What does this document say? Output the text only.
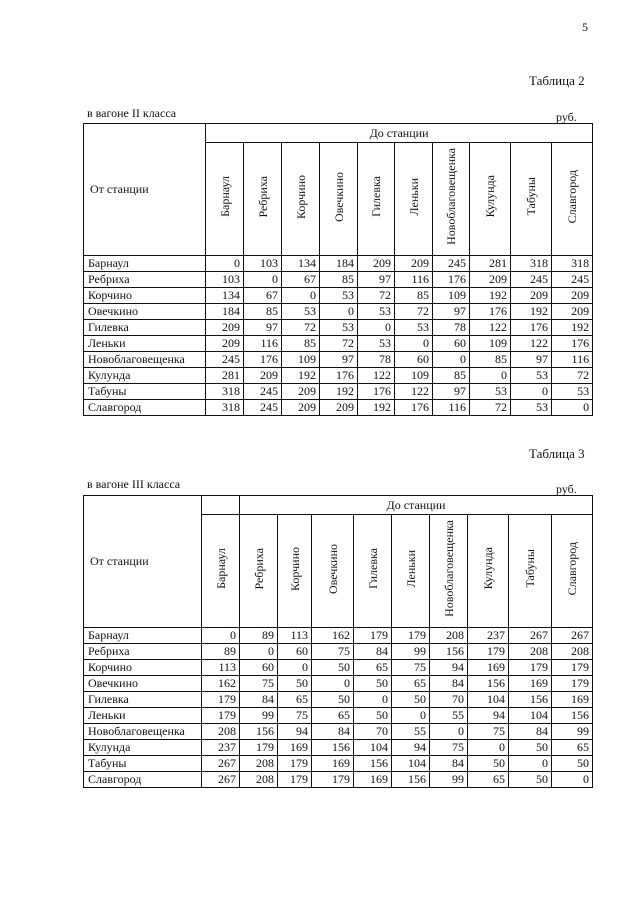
5
Таблица 2
в вагоне II класса	руб.
От станции	До станции									
	Барнаул	Ребриха	Корчино	Овечкино	Гилевка	Леньки	Новоблаговещенка	Кулунда	Табуны	Славгород
Барнаул	0	103	134	184	209	209	245	281	318	318
Ребриха	103	0	67	85	97	116	176	209	245	245
Корчино	134	67	0	53	72	85	109	192	209	209
Овечкино	184	85	53	0	53	72	97	176	192	209
Гилевка	209	97	72	53	0	53	78	122	176	192
Леньки	209	116	85	72	53	0	60	109	122	176
Новоблаговещенка	245	176	109	97	78	60	0	85	97	116
Кулунда	281	209	192	176	122	109	85	0	53	72
Табуны	318	245	209	192	176	122	97	53	0	53
Славгород	318	245	209	209	192	176	116	72	53	0
Таблица 3
в вагоне III класса	руб.
От станции		До станции								
	Барнаул	Ребриха	Корчино	Овечкино	Гилевка	Леньки	Новоблаговещенка	Кулунда	Табуны	Славгород
Барнаул	0	89	113	162	179	179	208	237	267	267
Ребриха	89	0	60	75	84	99	156	179	208	208
Корчино	113	60	0	50	65	75	94	169	179	179
Овечкино	162	75	50	0	50	65	84	156	169	179
Гилевка	179	84	65	50	0	50	70	104	156	169
Леньки	179	99	75	65	50	0	55	94	104	156
Новоблаговещенка	208	156	94	84	70	55	0	75	84	99
Кулунда	237	179	169	156	104	94	75	0	50	65
Табуны	267	208	179	169	156	104	84	50	0	50
Славгород	267	208	179	179	169	156	99	65	50	0
